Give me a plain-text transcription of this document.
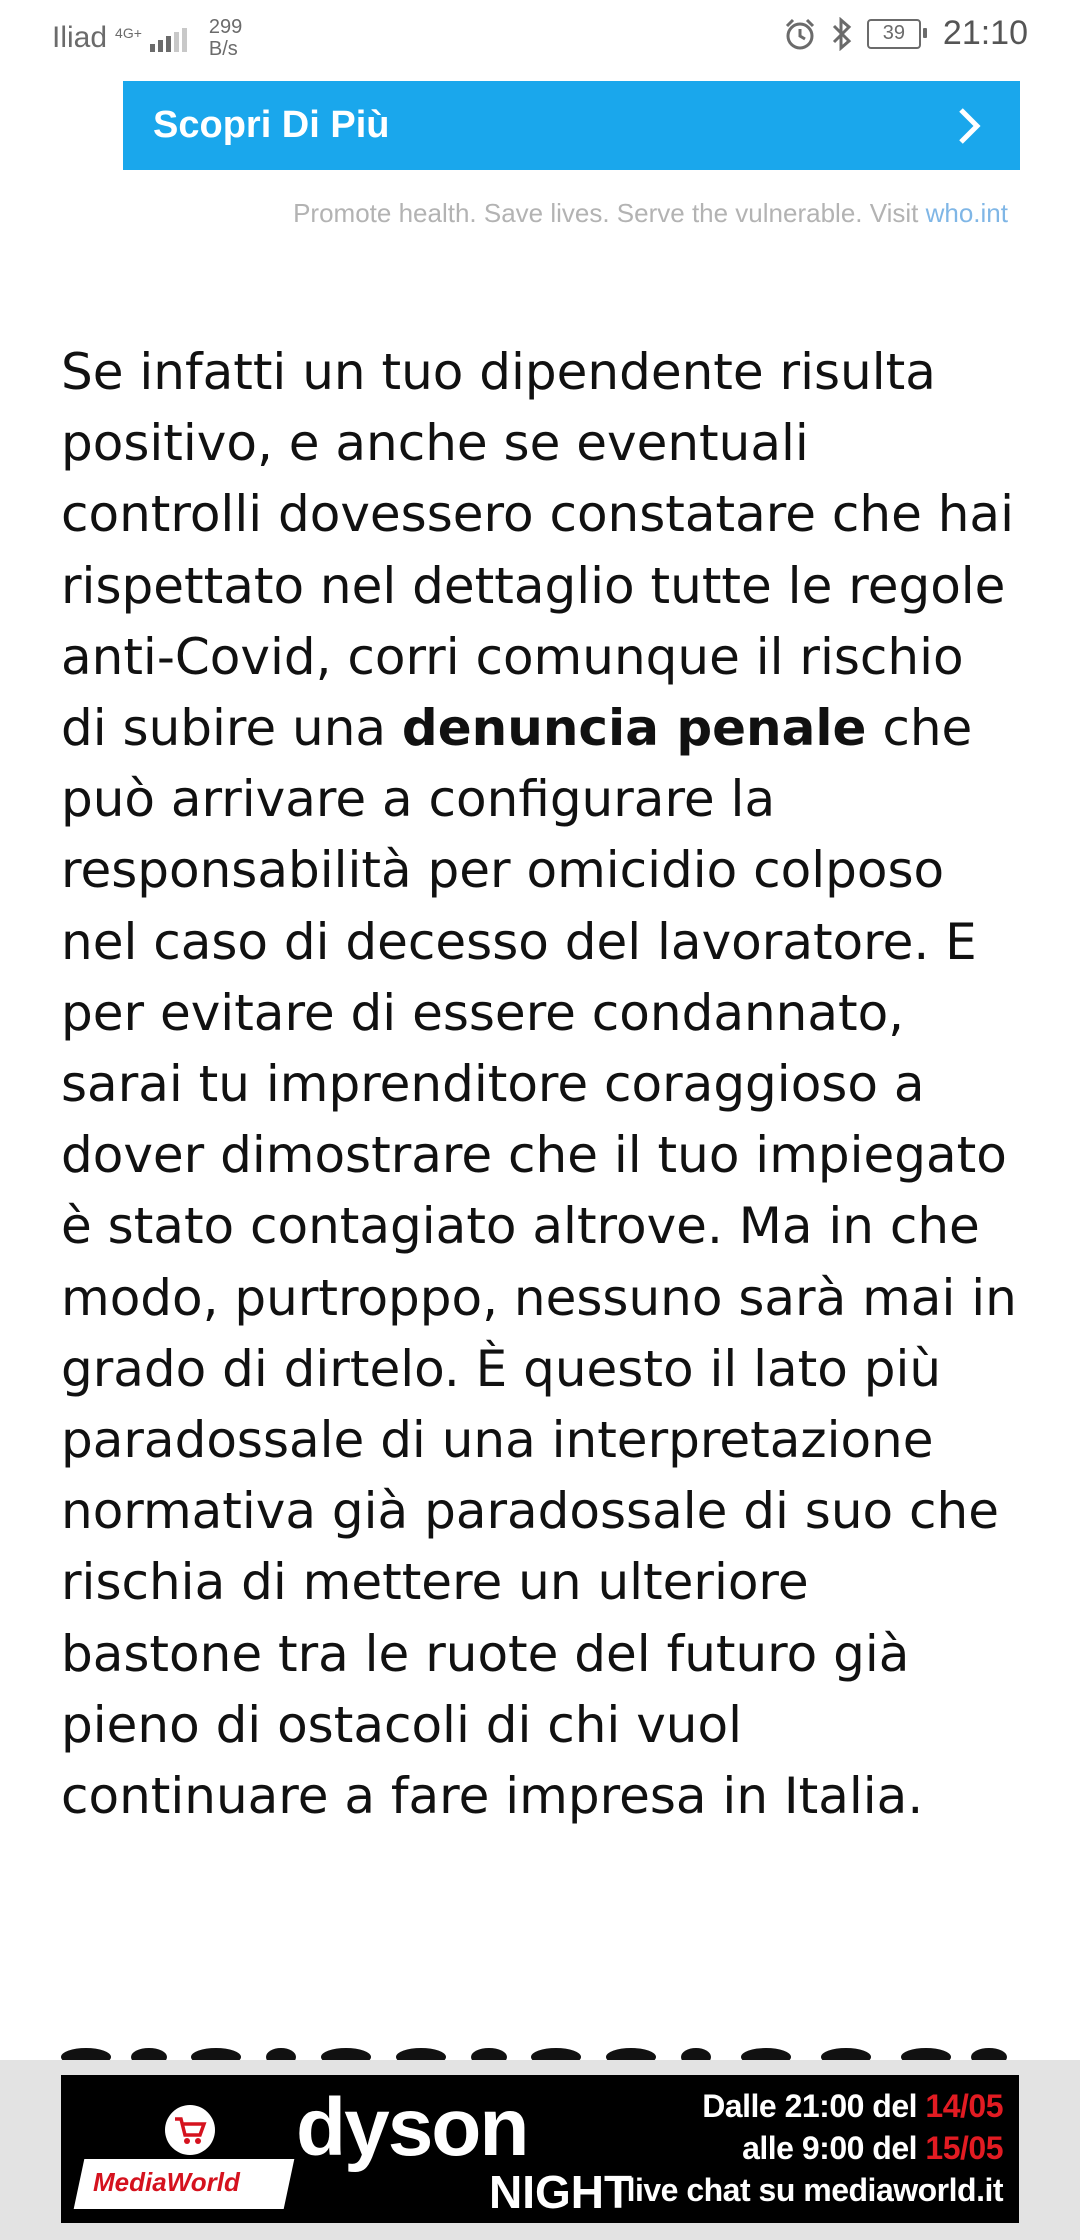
Iliad 4G+	299
B/s
39 21:10
Scopri Di Più
Promote health. Save lives. Serve the vulnerable. Visit who.int

Se infatti un tuo dipendente risulta positivo, e anche se eventuali controlli dovessero constatare che hai rispettato nel dettaglio tutte le regole anti-Covid, corri comunque il rischio di subire una denuncia penale che può arrivare a configurare la responsabilità per omicidio colposo nel caso di decesso del lavoratore. E per evitare di essere condannato, sarai tu imprenditore coraggioso a dover dimostrare che il tuo impiegato è stato contagiato altrove. Ma in che modo, purtroppo, nessuno sarà mai in grado di dirtelo. È questo il lato più paradossale di una interpretazione normativa già paradossale di suo che rischia di mettere un ulteriore bastone tra le ruote del futuro già pieno di ostacoli di chi vuol continuare a fare impresa in Italia.

MediaWorld
dyson
NIGHT
Dalle 21:00 del 14/05
alle 9:00 del 15/05
live chat su mediaworld.it
